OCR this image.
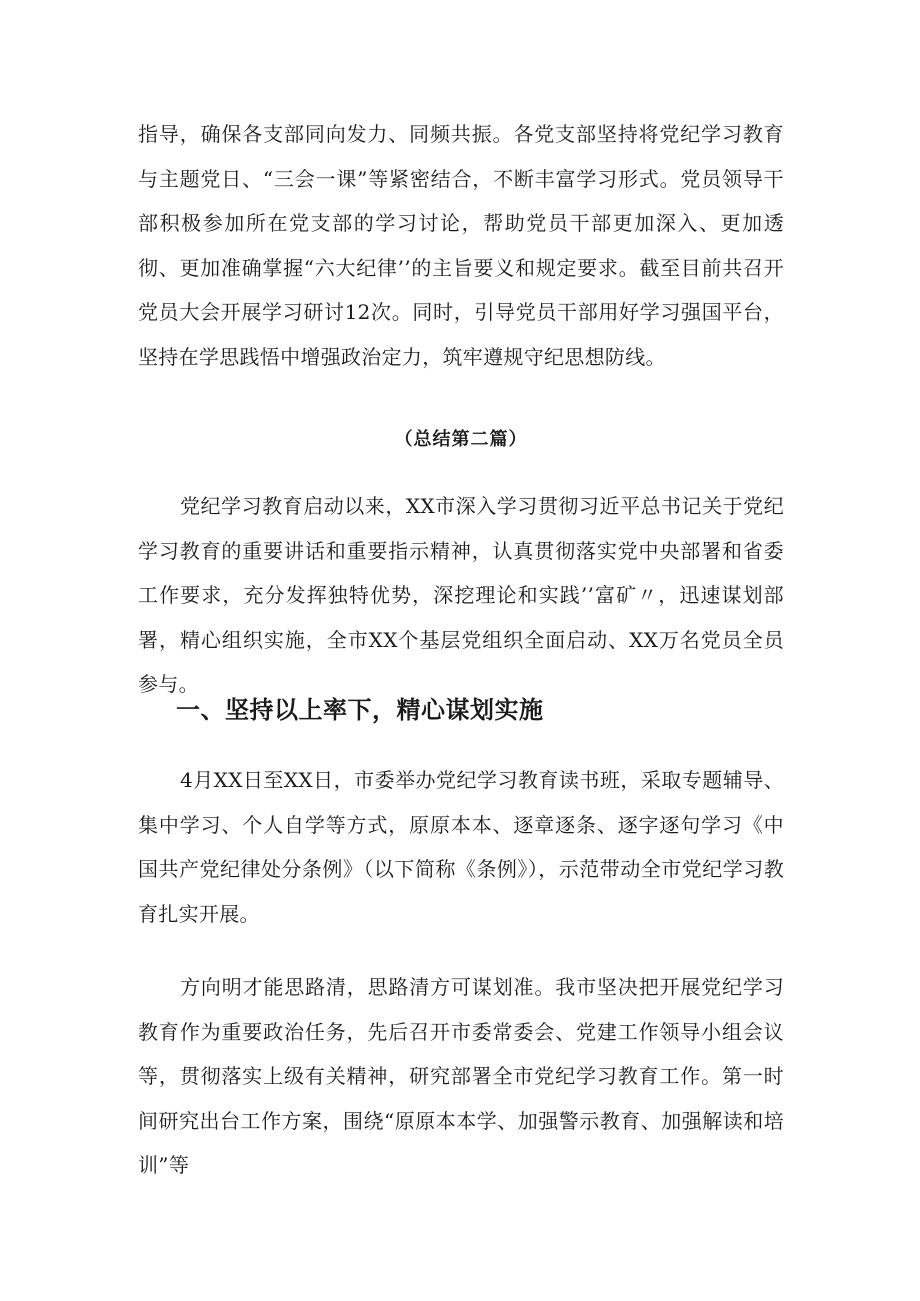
指导，确保各支部同向发力、同频共振。各党支部坚持将党纪学习教育与主题党日、“三会一课”等紧密结合，不断丰富学习形式。党员领导干部积极参加所在党支部的学习讨论，帮助党员干部更加深入、更加透彻、更加准确掌握“六大纪律’’的主旨要义和规定要求。截至目前共召开党员大会开展学习研讨12次。同时，引导党员干部用好学习强国平台，坚持在学思践悟中增强政治定力，筑牢遵规守纪思想防线。

（总结第二篇）

党纪学习教育启动以来，XX市深入学习贯彻习近平总书记关于党纪学习教育的重要讲话和重要指示精神，认真贯彻落实党中央部署和省委工作要求，充分发挥独特优势，深挖理论和实践’’富矿〃，迅速谋划部署，精心组织实施，全市XX个基层党组织全面启动、XX万名党员全员参与。

一、坚持以上率下，精心谋划实施

4月XX日至XX日，市委举办党纪学习教育读书班，采取专题辅导、集中学习、个人自学等方式，原原本本、逐章逐条、逐字逐句学习《中国共产党纪律处分条例》（以下简称《条例》），示范带动全市党纪学习教育扎实开展。

方向明才能思路清，思路清方可谋划准。我市坚决把开展党纪学习教育作为重要政治任务，先后召开市委常委会、党建工作领导小组会议等，贯彻落实上级有关精神，研究部署全市党纪学习教育工作。第一时间研究出台工作方案，围绕“原原本本学、加强警示教育、加强解读和培训”等
